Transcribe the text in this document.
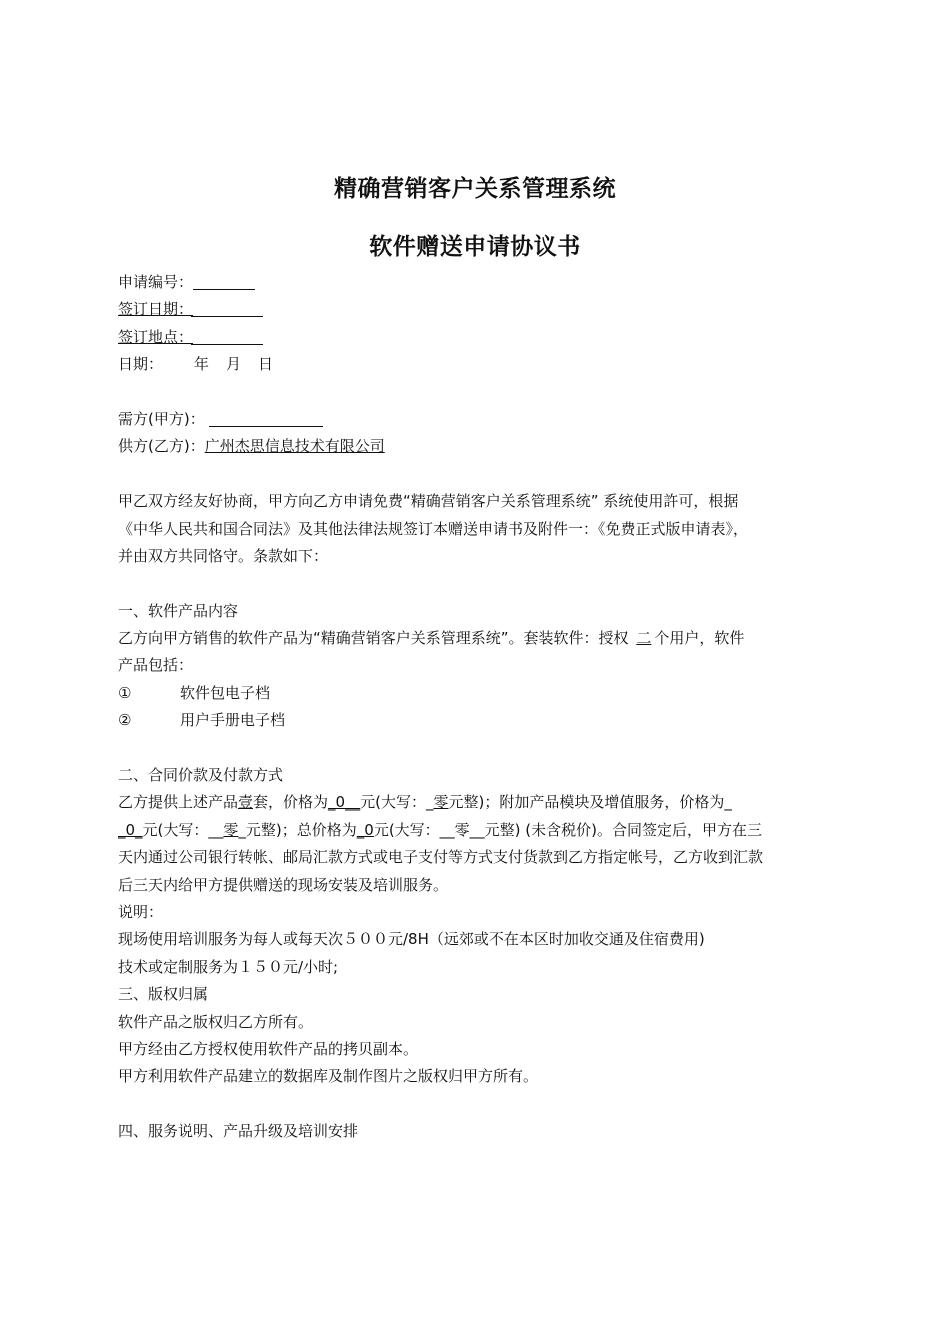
精确营销客户关系管理系统
软件赠送申请协议书
申请编号：
签订日期：
签订地点：
日期： 年 月 日
需方(甲方)：
供方(乙方)：广州杰思信息技术有限公司
甲乙双方经友好协商，甲方向乙方申请免费“精确营销客户关系管理系统” 系统使用許可，根据
《中华人民共和国合同法》及其他法律法规签订本赠送申请书及附件一：《免费正式版申请表》，
并由双方共同恪守。条款如下：
一、软件产品内容
乙方向甲方销售的软件产品为“精确营销客户关系管理系统”。套装软件：授权 二 个用户，软件
产品包括：
①	软件包电子档
②	用户手册电子档
二、合同价款及付款方式
乙方提供上述产品壹套，价格为_0__元(大写：_零元整)；附加产品模块及增值服务，价格为_
_0_元(大写：__零_元整)；总价格为_0元(大写：__零__元整) (未含税价)。合同签定后，甲方在三
天内通过公司银行转帐、邮局汇款方式或电子支付等方式支付货款到乙方指定帐号，乙方收到汇款
后三天内给甲方提供赠送的现场安装及培训服务。
说明：
现场使用培训服务为每人或每天次５００元/8H（远郊或不在本区时加收交通及住宿费用)
技术或定制服务为１５０元/小时;
三、版权归属
软件产品之版权归乙方所有。
甲方经由乙方授权使用软件产品的拷贝副本。
甲方利用软件产品建立的数据库及制作图片之版权归甲方所有。
四、服务说明、产品升级及培训安排
